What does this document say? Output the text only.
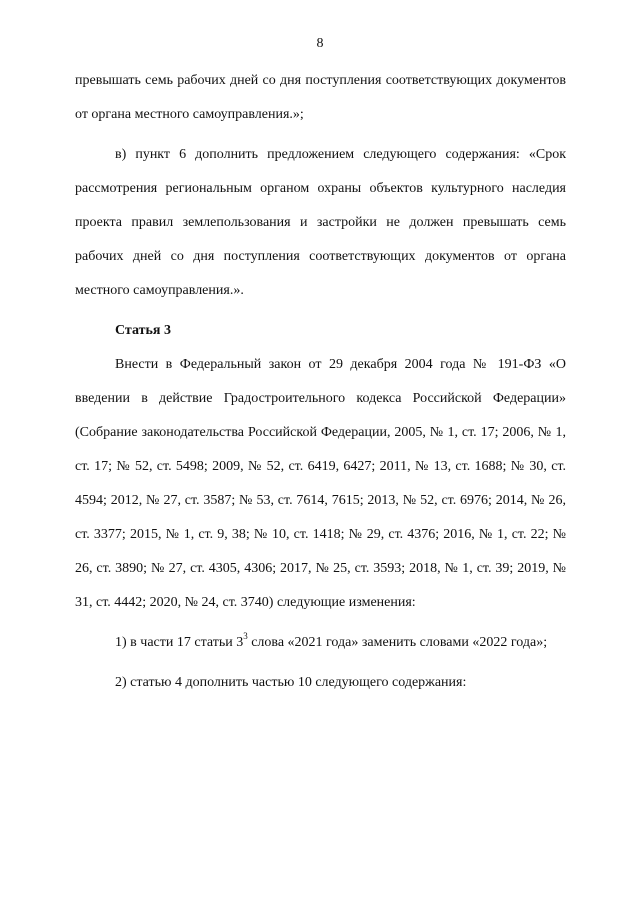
8

превышать семь рабочих дней со дня поступления соответствующих документов от органа местного самоуправления.»;

в) пункт 6 дополнить предложением следующего содержания: «Срок рассмотрения региональным органом охраны объектов культурного наследия проекта правил землепользования и застройки не должен превышать семь рабочих дней со дня поступления соответствующих документов от органа местного самоуправления.».

Статья 3

Внести в Федеральный закон от 29 декабря 2004 года № 191-ФЗ «О введении в действие Градостроительного кодекса Российской Федерации» (Собрание законодательства Российской Федерации, 2005, № 1, ст. 17; 2006, № 1, ст. 17; № 52, ст. 5498; 2009, № 52, ст. 6419, 6427; 2011, № 13, ст. 1688; № 30, ст. 4594; 2012, № 27, ст. 3587; № 53, ст. 7614, 7615; 2013, № 52, ст. 6976; 2014, № 26, ст. 3377; 2015, № 1, ст. 9, 38; № 10, ст. 1418; № 29, ст. 4376; 2016, № 1, ст. 22; № 26, ст. 3890; № 27, ст. 4305, 4306; 2017, № 25, ст. 3593; 2018, № 1, ст. 39; 2019, № 31, ст. 4442; 2020, № 24, ст. 3740) следующие изменения:

1) в части 17 статьи $3^3$ слова «2021 года» заменить словами «2022 года»;

2) статью 4 дополнить частью 10 следующего содержания:
